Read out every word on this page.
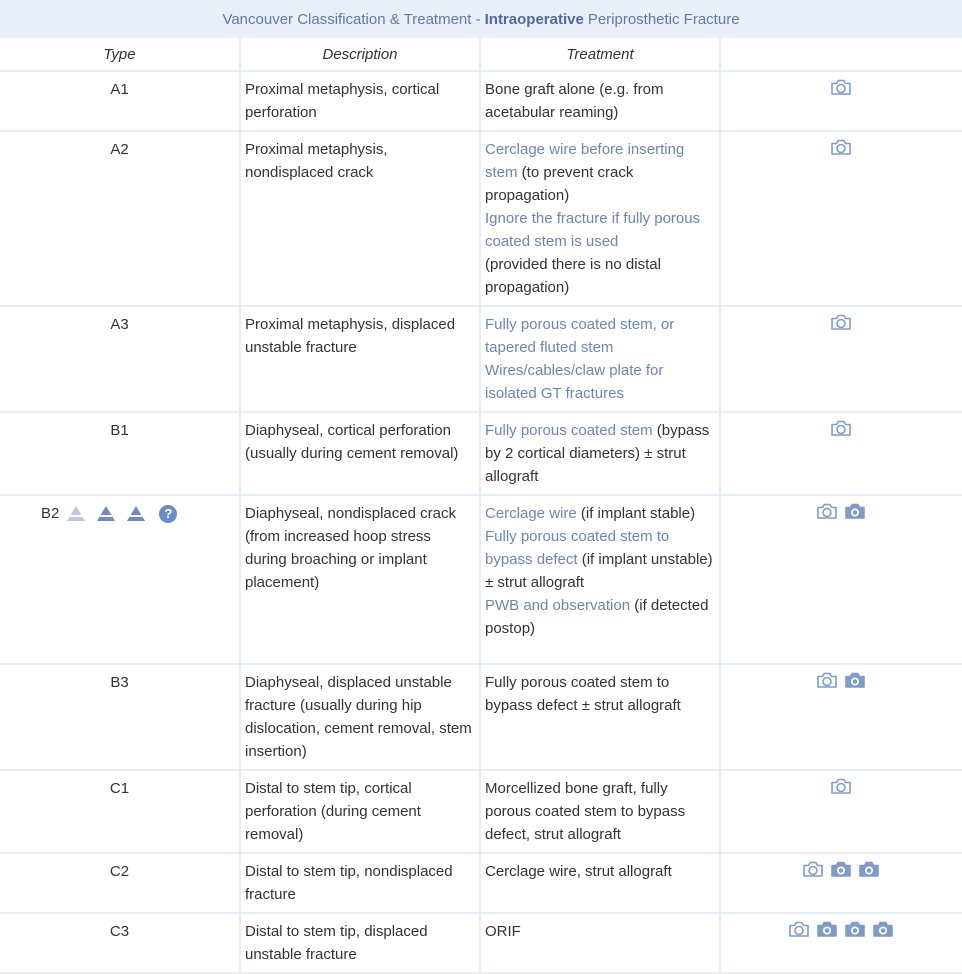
Vancouver Classification & Treatment - Intraoperative Periprosthetic Fracture
Type	Description	Treatment	

A1	Proximal metaphysis, cortical perforation	Bone graft alone (e.g. from acetabular reaming)	

A2	Proximal metaphysis, nondisplaced crack	Cerclage wire before inserting stem (to prevent crack propagation)
Ignore the fracture if fully porous coated stem is used
(provided there is no distal propagation)	

A3	Proximal metaphysis, displaced unstable fracture	Fully porous coated stem, or tapered fluted stem
Wires/cables/claw plate for isolated GT fractures	

B1	Diaphyseal, cortical perforation (usually during cement removal)	Fully porous coated stem (bypass by 2 cortical diameters) ± strut allograft	

B2 ?	Diaphyseal, nondisplaced crack (from increased hoop stress during broaching or implant placement)	Cerclage wire (if implant stable)
Fully porous coated stem to bypass defect (if implant unstable) ± strut allograft
PWB and observation (if detected postop)	

B3	Diaphyseal, displaced unstable fracture (usually during hip dislocation, cement removal, stem insertion)	Fully porous coated stem to bypass defect ± strut allograft	

C1	Distal to stem tip, cortical perforation (during cement removal)	Morcellized bone graft, fully porous coated stem to bypass defect, strut allograft	

C2	Distal to stem tip, nondisplaced fracture	Cerclage wire, strut allograft	

C3	Distal to stem tip, displaced unstable fracture	ORIF	
